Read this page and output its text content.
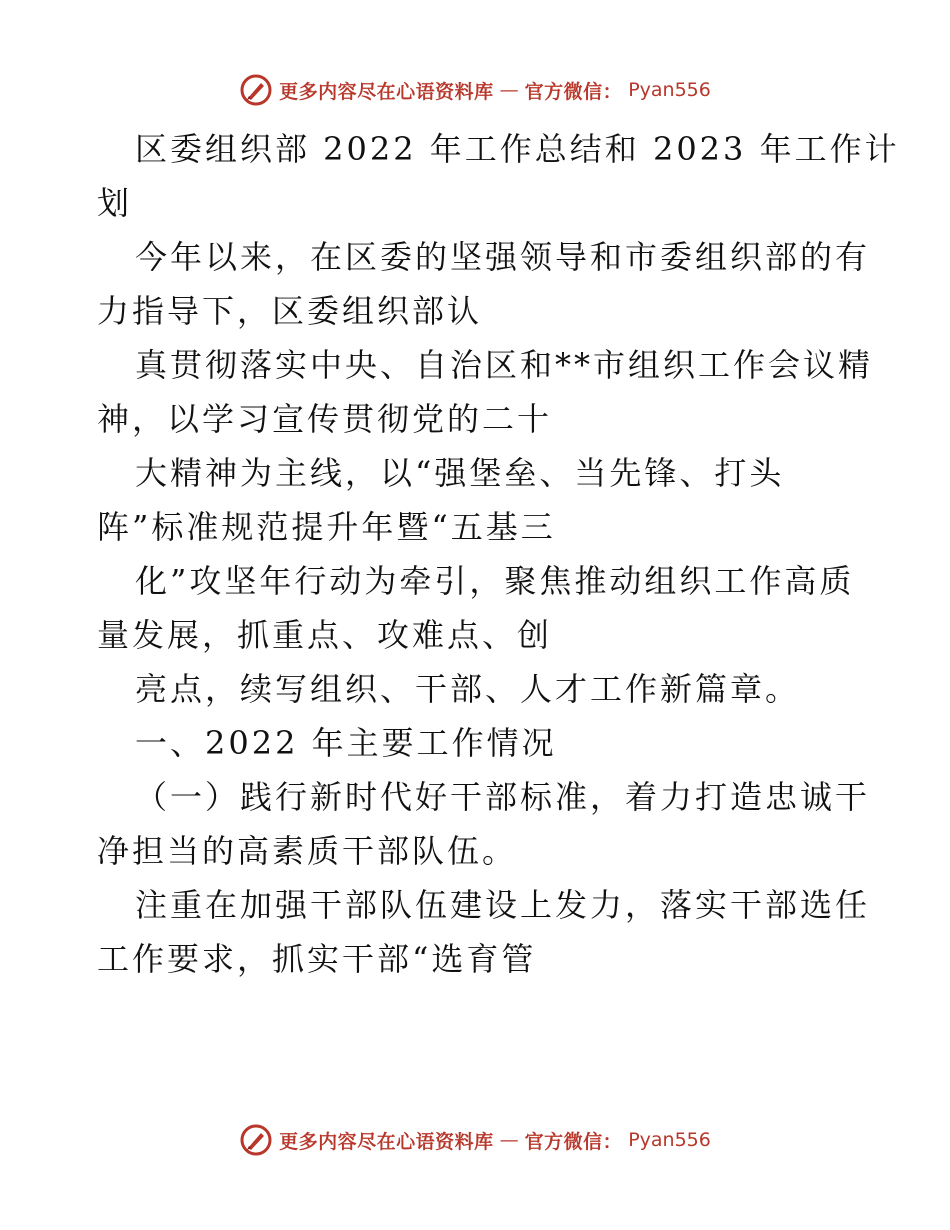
更多内容尽在心语资料库 — 官方微信： Pyan556
区委组织部 2022 年工作总结和 2023 年工作计
划
今年以来，在区委的坚强领导和市委组织部的有
力指导下，区委组织部认
真贯彻落实中央、自治区和**市组织工作会议精
神，以学习宣传贯彻党的二十
大精神为主线，以“强堡垒、当先锋、打头
阵”标准规范提升年暨“五基三
化”攻坚年行动为牵引，聚焦推动组织工作高质
量发展，抓重点、攻难点、创
亮点，续写组织、干部、人才工作新篇章。
一、2022 年主要工作情况
（一）践行新时代好干部标准，着力打造忠诚干
净担当的高素质干部队伍。
注重在加强干部队伍建设上发力，落实干部选任
工作要求，抓实干部“选育管
更多内容尽在心语资料库 — 官方微信： Pyan556
